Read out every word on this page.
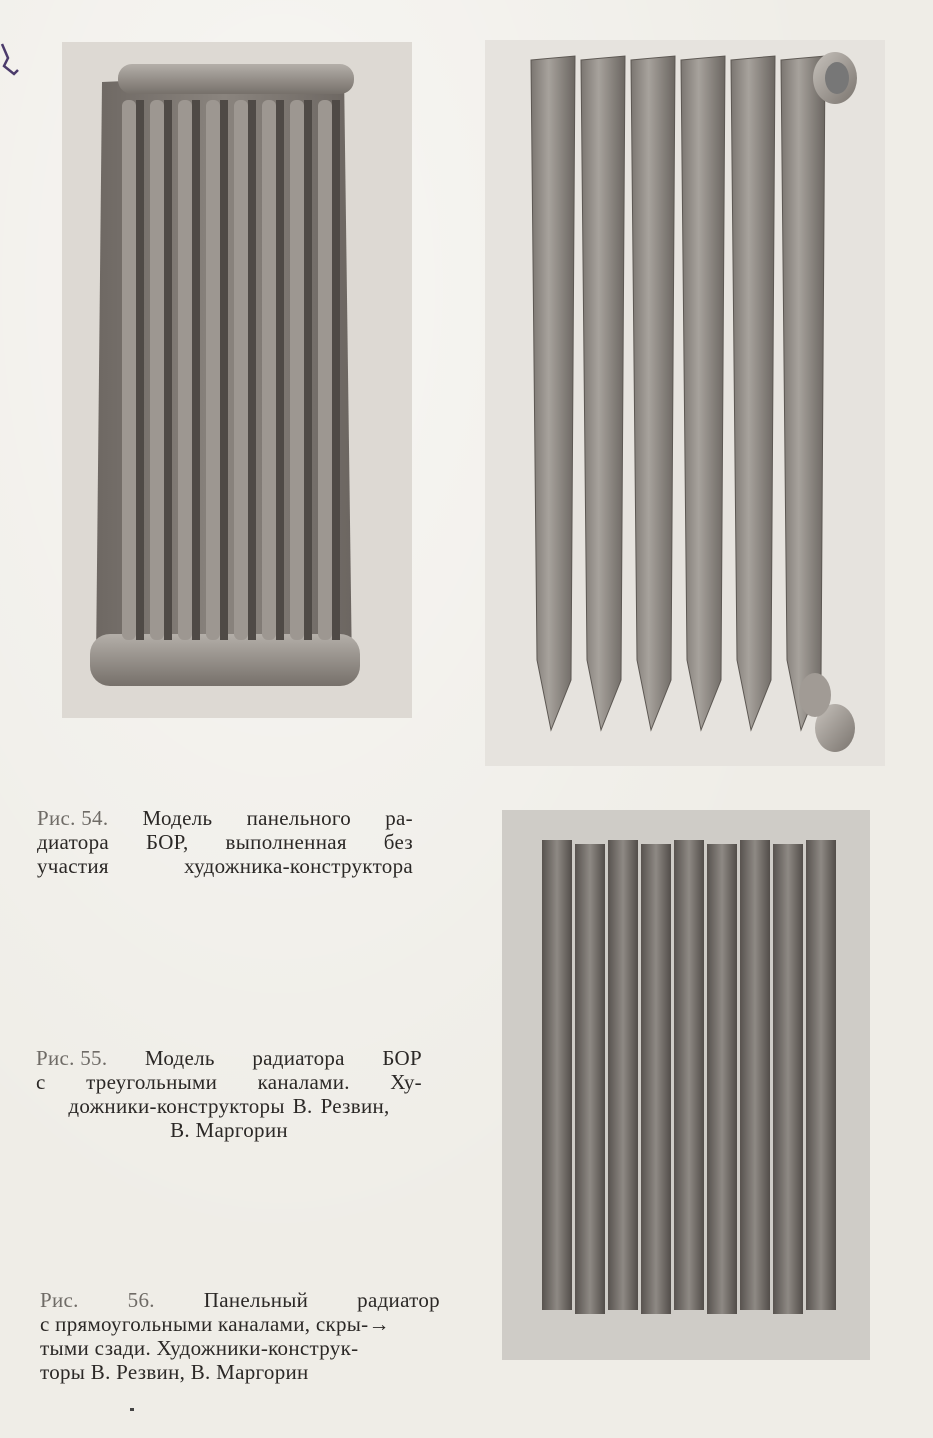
Рис. 54. Модель панельного ра-
диатора БОР, выполненная без
участия	художника-конструктора
Рис. 55. Модель радиатора БОР
с треугольными каналами. Ху-
дожники-конструкторы В. Резвин,
В. Маргорин
Рис. 56. Панельный радиатор
с прямоугольными каналами, скры-→
тыми сзади. Художники-конструк-
торы В. Резвин, В. Маргорин
